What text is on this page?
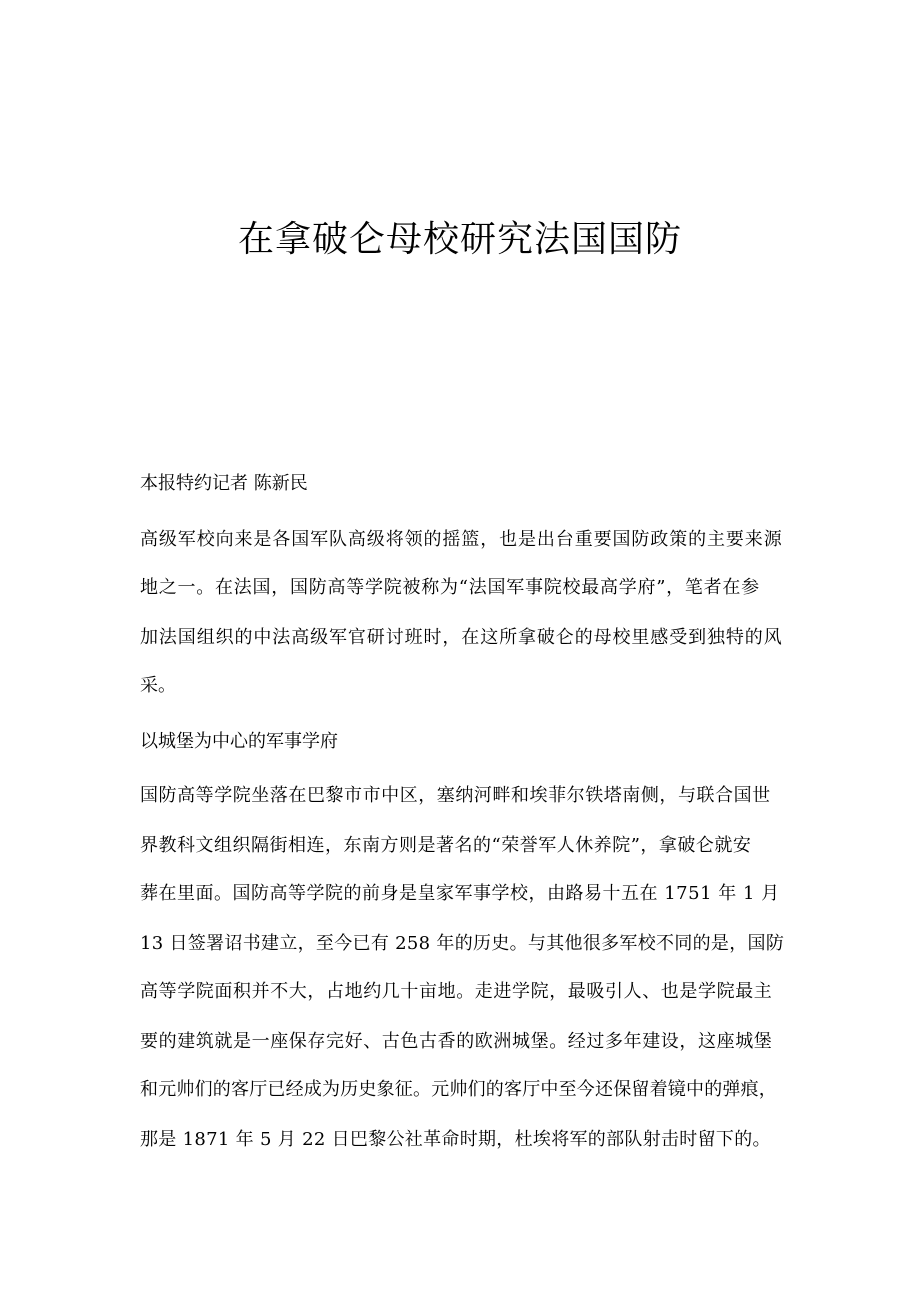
在拿破仑母校研究法国国防

本报特约记者 陈新民

高级军校向来是各国军队高级将领的摇篮，也是出台重要国防政策的主要来源

地之一。在法国，国防高等学院被称为“法国军事院校最高学府”，笔者在参

加法国组织的中法高级军官研讨班时，在这所拿破仑的母校里感受到独特的风

采。

以城堡为中心的军事学府

国防高等学院坐落在巴黎市市中区，塞纳河畔和埃菲尔铁塔南侧，与联合国世

界教科文组织隔街相连，东南方则是著名的“荣誉军人休养院”，拿破仑就安

葬在里面。国防高等学院的前身是皇家军事学校，由路易十五在 1751 年 1 月

13 日签署诏书建立，至今已有 258 年的历史。与其他很多军校不同的是，国防

高等学院面积并不大，占地约几十亩地。走进学院，最吸引人、也是学院最主

要的建筑就是一座保存完好、古色古香的欧洲城堡。经过多年建设，这座城堡

和元帅们的客厅已经成为历史象征。元帅们的客厅中至今还保留着镜中的弹痕，

那是 1871 年 5 月 22 日巴黎公社革命时期，杜埃将军的部队射击时留下的。
